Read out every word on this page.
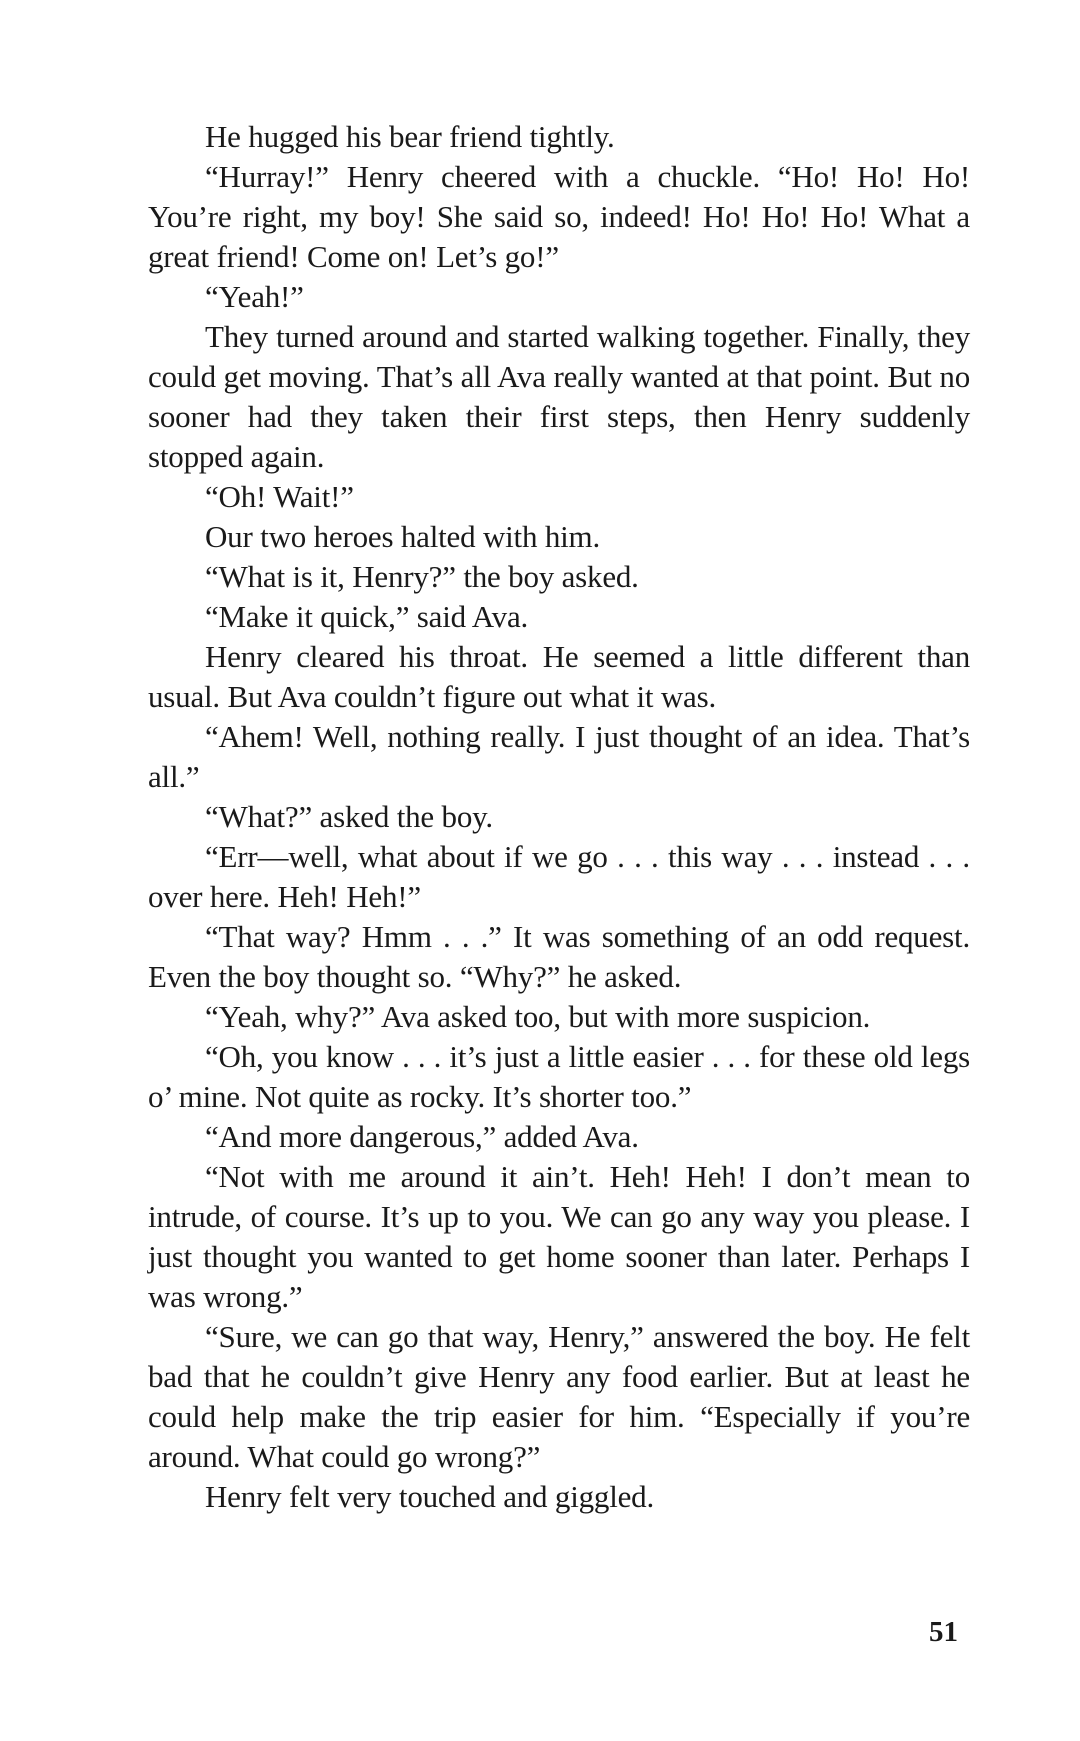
He hugged his bear friend tightly.

“Hurray!” Henry cheered with a chuckle. “Ho! Ho! Ho! You’re right, my boy! She said so, indeed! Ho! Ho! Ho! What a great friend! Come on! Let’s go!”

“Yeah!”

They turned around and started walking together. Finally, they could get moving. That’s all Ava really wanted at that point. But no sooner had they taken their first steps, then Henry suddenly stopped again.

“Oh! Wait!”

Our two heroes halted with him.

“What is it, Henry?” the boy asked.

“Make it quick,” said Ava.

Henry cleared his throat. He seemed a little different than usual. But Ava couldn’t figure out what it was.

“Ahem! Well, nothing really. I just thought of an idea. That’s all.”

“What?” asked the boy.

“Err—well, what about if we go . . . this way . . . instead . . . over here. Heh! Heh!”

“That way? Hmm . . .” It was something of an odd request. Even the boy thought so. “Why?” he asked.

“Yeah, why?” Ava asked too, but with more suspicion.

“Oh, you know . . . it’s just a little easier . . . for these old legs o’ mine. Not quite as rocky. It’s shorter too.”

“And more dangerous,” added Ava.

“Not with me around it ain’t. Heh! Heh! I don’t mean to intrude, of course. It’s up to you. We can go any way you please. I just thought you wanted to get home sooner than later. Perhaps I was wrong.”

“Sure, we can go that way, Henry,” answered the boy. He felt bad that he couldn’t give Henry any food earlier. But at least he could help make the trip easier for him. “Especially if you’re around. What could go wrong?”

Henry felt very touched and giggled.

51
